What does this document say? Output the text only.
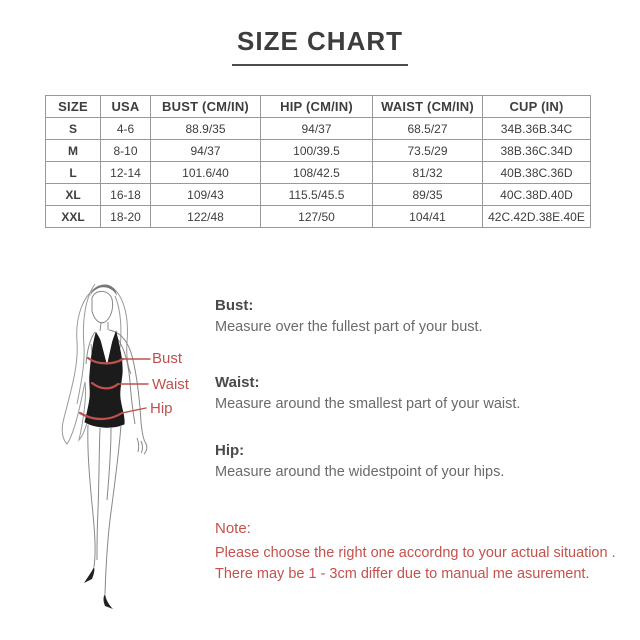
SIZE CHART
SIZE	USA	BUST (CM/IN)	HIP (CM/IN)	WAIST (CM/IN)	CUP (IN)
S	4-6	88.9/35	94/37	68.5/27	34B.36B.34C
M	8-10	94/37	100/39.5	73.5/29	38B.36C.34D
L	12-14	101.6/40	108/42.5	81/32	40B.38C.36D
XL	16-18	109/43	115.5/45.5	89/35	40C.38D.40D
XXL	18-20	122/48	127/50	104/41	42C.42D.38E.40E
Bust
Waist
Hip
Bust:
Measure over the fullest part of your bust.
Waist:
Measure around the smallest part of your waist.
Hip:
Measure around the widestpoint of your hips.
Note:
Please choose the right one accordng to your actual situation .
There may be 1 - 3cm differ due to manual me asurement.
